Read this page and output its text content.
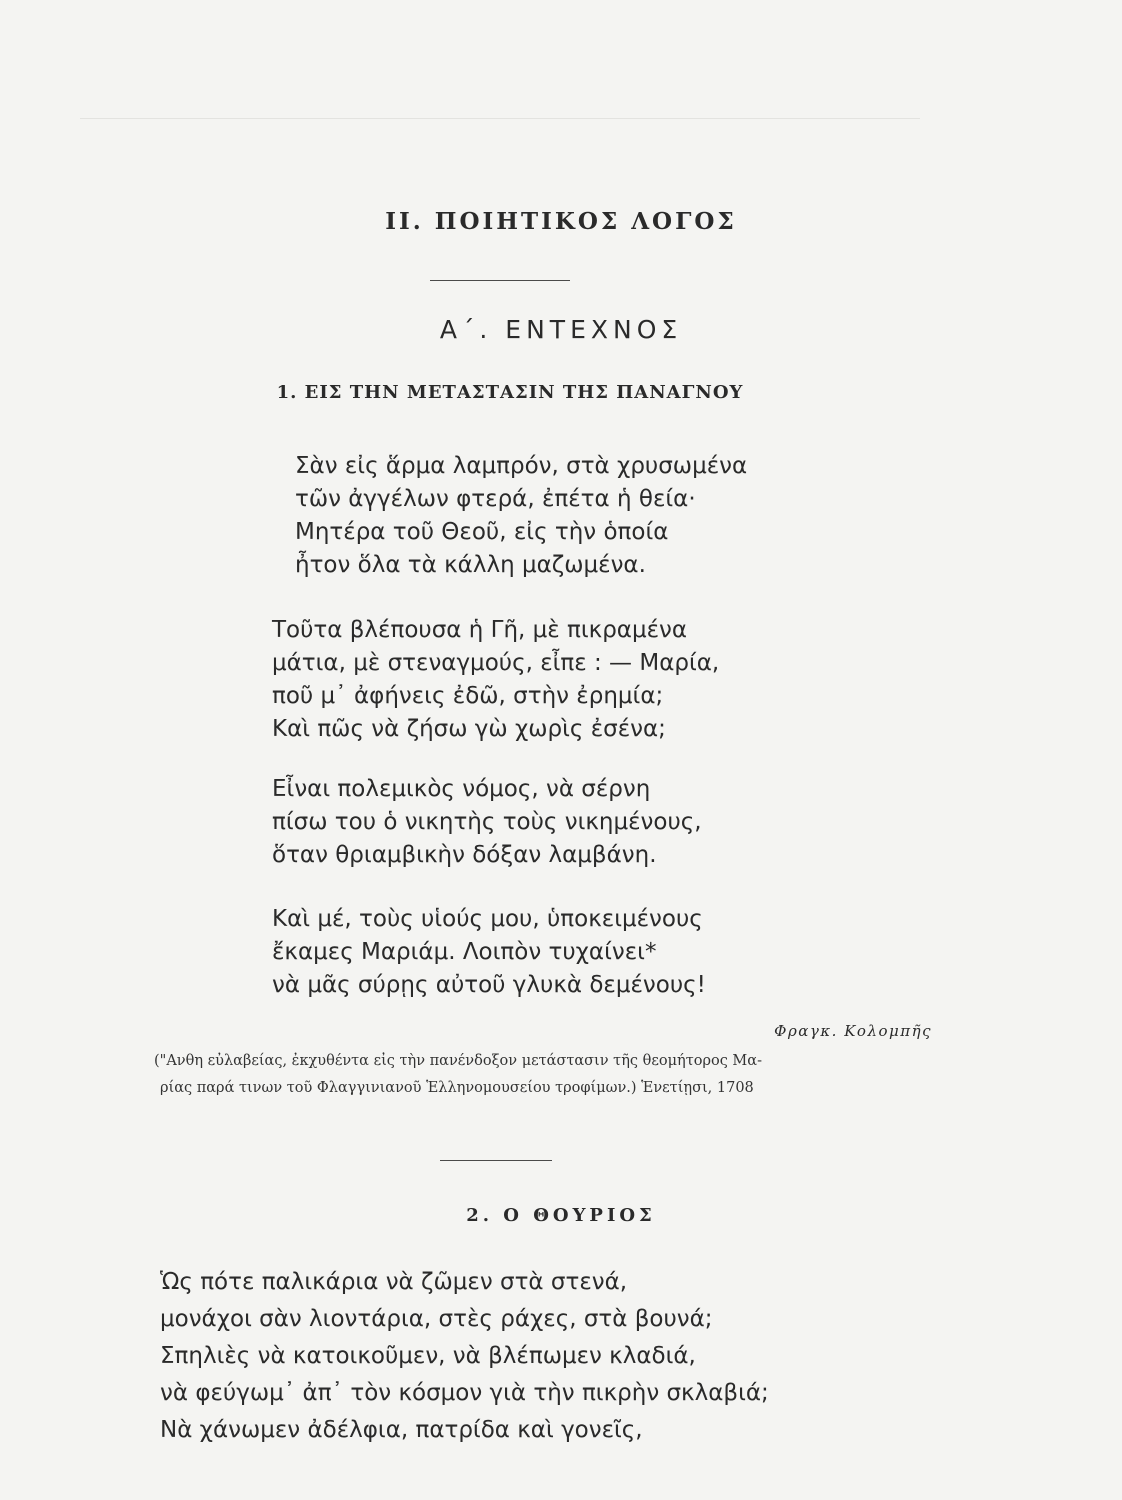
II. ΠΟΙΗΤΙΚΟΣ ΛΟΓΟΣ
Α΄. ΕΝΤΕΧΝΟΣ
1. ΕΙΣ ΤΗΝ ΜΕΤΑΣΤΑΣΙΝ ΤΗΣ ΠΑΝΑΓΝΟΥ
Σὰν εἰς ἅρμα λαμπρόν, στὰ χρυσωμένα
τῶν ἀγγέλων φτερά, ἐπέτα ἡ θεία·
Μητέρα τοῦ Θεοῦ, εἰς τὴν ὁποία
ἦτον ὅλα τὰ κάλλη μαζωμένα.
Τοῦτα βλέπουσα ἡ Γῆ, μὲ πικραμένα
μάτια, μὲ στεναγμούς, εἶπε : — Μαρία,
ποῦ μ᾽ ἀφήνεις ἐδῶ, στὴν ἐρημία;
Καὶ πῶς νὰ ζήσω γὼ χωρὶς ἐσένα;
Εἶναι πολεμικὸς νόμος, νὰ σέρνη
πίσω του ὁ νικητὴς τοὺς νικημένους,
ὅταν θριαμβικὴν δόξαν λαμβάνη.
Καὶ μέ, τοὺς υἱούς μου, ὑποκειμένους
ἔκαμες Μαριάμ. Λοιπὸν τυχαίνει*
νὰ μᾶς σύρῃς αὐτοῦ γλυκὰ δεμένους!
Φραγκ. Κολομπῆς
("Ανθη εὐλαβείας, ἐκχυθέντα εἰς τὴν πανένδοξον μετάστασιν τῆς θεομήτορος Μα-
ρίας παρά τινων τοῦ Φλαγγινιανοῦ Ἑλληνομουσείου τροφίμων.) Ἑνετίῃσι, 1708
2. Ο ΘΟΥΡΙΟΣ
Ὡς πότε παλικάρια νὰ ζῶμεν στὰ στενά,
μονάχοι σὰν λιοντάρια, στὲς ράχες, στὰ βουνά;
Σπηλιὲς νὰ κατοικοῦμεν, νὰ βλέπωμεν κλαδιά,
νὰ φεύγωμ᾽ ἀπ᾽ τὸν κόσμον γιὰ τὴν πικρὴν σκλαβιά;
Νὰ χάνωμεν ἀδέλφια, πατρίδα καὶ γονεῖς,
